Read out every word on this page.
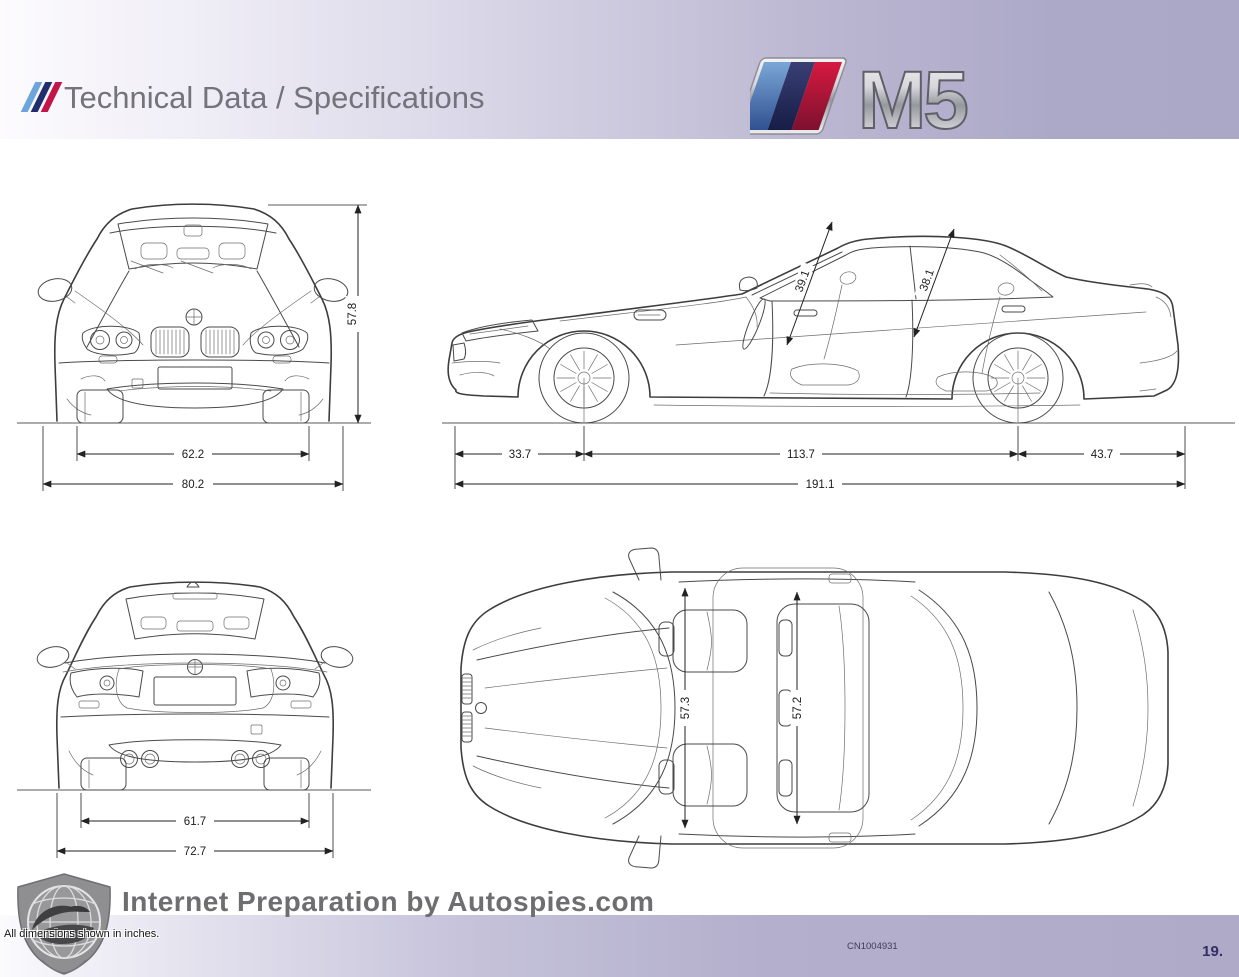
Technical Data / Specifications	M5
62.2
80.2
57.8
39.1	38.1
33.7	113.7	43.7
191.1
61.7
72.7
57.3	57.2
Internet Preparation by Autospies.com
All dimensions shown in inches.
CN1004931	19.
